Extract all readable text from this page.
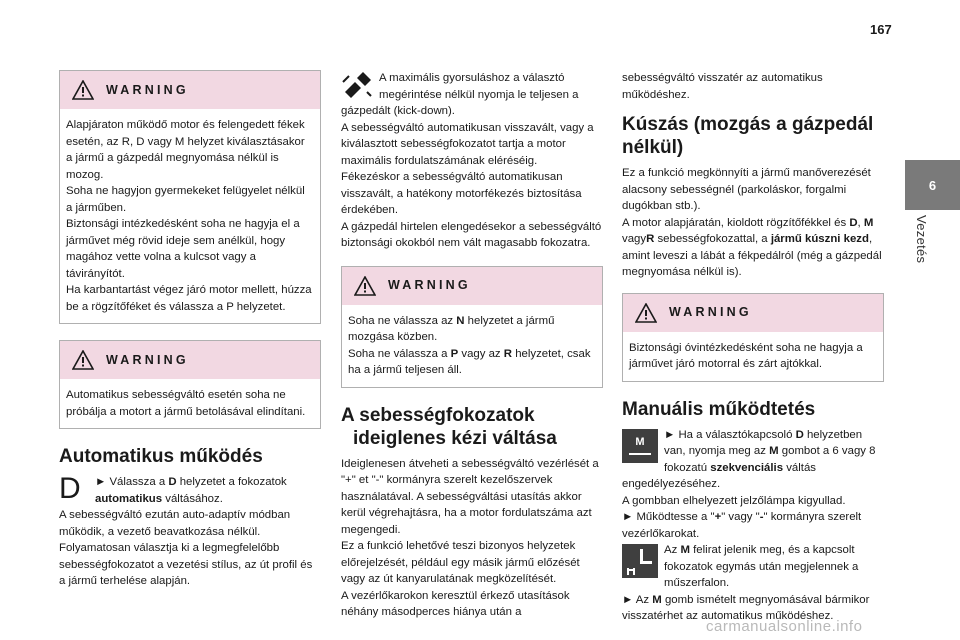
167
6
Vezetés
WARNING

Alapjáraton működő motor és felengedett fékek esetén, az R, D vagy M helyzet kiválasztásakor a jármű a gázpedál megnyomása nélkül is mozog.

Soha ne hagyjon gyermekeket felügyelet nélkül a járműben.

Biztonsági intézkedésként soha ne hagyja el a járművet még rövid ideje sem anélkül, hogy magához vette volna a kulcsot vagy a távirányítót.

Ha karbantartást végez járó motor mellett, húzza be a rögzítőféket és válassza a P helyzetet.

WARNING

Automatikus sebességváltó esetén soha ne próbálja a motort a jármű betolásával elindítani.

Automatikus működés
D	► Válassza a D helyzetet a fokozatok automatikus váltásához.

A sebességváltó ezután auto-adaptív módban működik, a vezető beavatkozása nélkül. Folyamatosan választja ki a legmegfelelőbb sebességfokozatot a vezetési stílus, az út profil és a jármű terhelése alapján.

A maximális gyorsuláshoz a választó megérintése nélkül nyomja le teljesen a gázpedált (kick-down).

A sebességváltó automatikusan visszavált, vagy a kiválasztott sebességfokozatot tartja a motor maximális fordulatszámának eléréséig.

Fékezéskor a sebességváltó automatikusan visszavált, a hatékony motorfékezés biztosítása érdekében.

A gázpedál hirtelen elengedésekor a sebességváltó biztonsági okokból nem vált magasabb fokozatra.

WARNING

Soha ne válassza az N helyzetet a jármű mozgása közben.

Soha ne válassza a P vagy az R helyzetet, csak ha a jármű teljesen áll.

A sebességfokozatok
ideiglenes kézi váltása

Ideiglenesen átveheti a sebességváltó vezérlését a "+" et "-" kormányra szerelt kezelőszervek használatával. A sebességváltási utasítás akkor kerül végrehajtásra, ha a motor fordulatszáma azt megengedi.

Ez a funkció lehetővé teszi bizonyos helyzetek előrejelzését, például egy másik jármű előzését vagy az út kanyarulatának megközelítését.

A vezérlőkarokon keresztül érkező utasítások néhány másodperces hiánya után a

sebességváltó visszatér az automatikus működéshez.

Kúszás (mozgás a gázpedál
nélkül)

Ez a funkció megkönnyíti a jármű manőverezését alacsony sebességnél (parkoláskor, forgalmi dugókban stb.).

A motor alapjáratán, kioldott rögzítőfékkel és D, M vagyR sebességfokozattal, a jármű kúszni kezd, amint leveszi a lábát a fékpedálról (még a gázpedál megnyomása nélkül is).

WARNING

Biztonsági óvintézkedésként soha ne hagyja a járművet járó motorral és zárt ajtókkal.

Manuális működtetés
M

► Ha a választókapcsoló D helyzetben van, nyomja meg az M gombot a 6 vagy 8 fokozatú szekvenciális váltás engedélyezéséhez.

A gombban elhelyezett jelzőlámpa kigyullad.

► Működtesse a "+" vagy "-" kormányra szerelt vezérlőkarokat.

Az M felirat jelenik meg, és a kapcsolt fokozatok egymás után megjelennek a műszerfalon.

► Az M gomb ismételt megnyomásával bármikor visszatérhet az automatikus működéshez.

carmanualsonline.info
